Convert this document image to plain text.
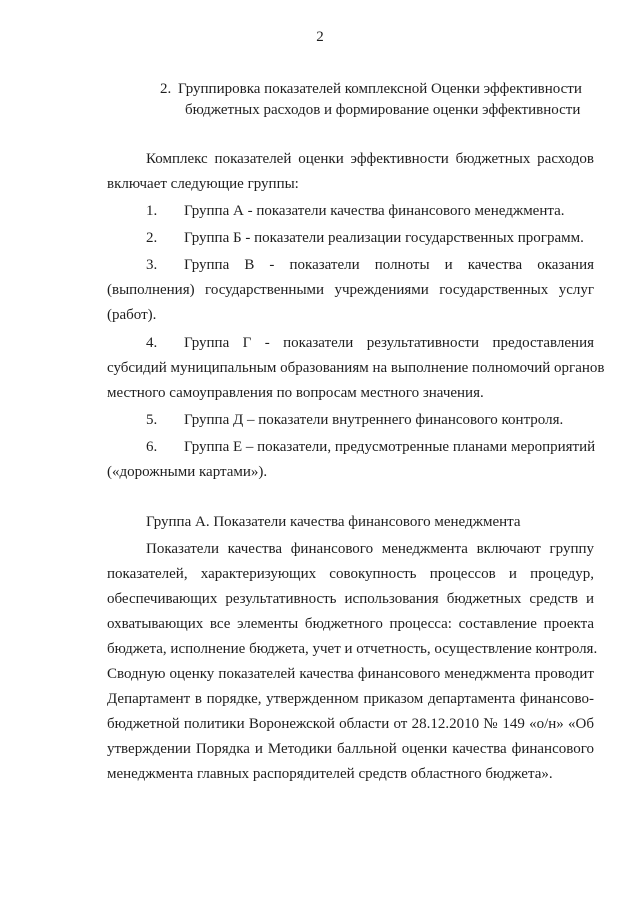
2
2. Группировка показателей комплексной Оценки эффективности
бюджетных расходов и формирование оценки эффективности
Комплекс показателей оценки эффективности бюджетных расходов
включает следующие группы:
1. Группа А - показатели качества финансового менеджмента.
2. Группа Б - показатели реализации государственных программ.
3. Группа В - показатели полноты и качества оказания
(выполнения) государственными учреждениями государственных услуг
(работ).
4. Группа Г - показатели результативности предоставления
субсидий муниципальным образованиям на выполнение полномочий органов
местного самоуправления по вопросам местного значения.
5. Группа Д – показатели внутреннего финансового контроля.
6. Группа Е – показатели, предусмотренные планами мероприятий
(«дорожными картами»).
Группа А. Показатели качества финансового менеджмента
Показатели качества финансового менеджмента включают группу
показателей, характеризующих совокупность процессов и процедур,
обеспечивающих результативность использования бюджетных средств и
охватывающих все элементы бюджетного процесса: составление проекта
бюджета, исполнение бюджета, учет и отчетность, осуществление контроля.
Сводную оценку показателей качества финансового менеджмента проводит
Департамент в порядке, утвержденном приказом департамента финансово-
бюджетной политики Воронежской области от 28.12.2010 № 149 «о/н» «Об
утверждении Порядка и Методики балльной оценки качества финансового
менеджмента главных распорядителей средств областного бюджета».
